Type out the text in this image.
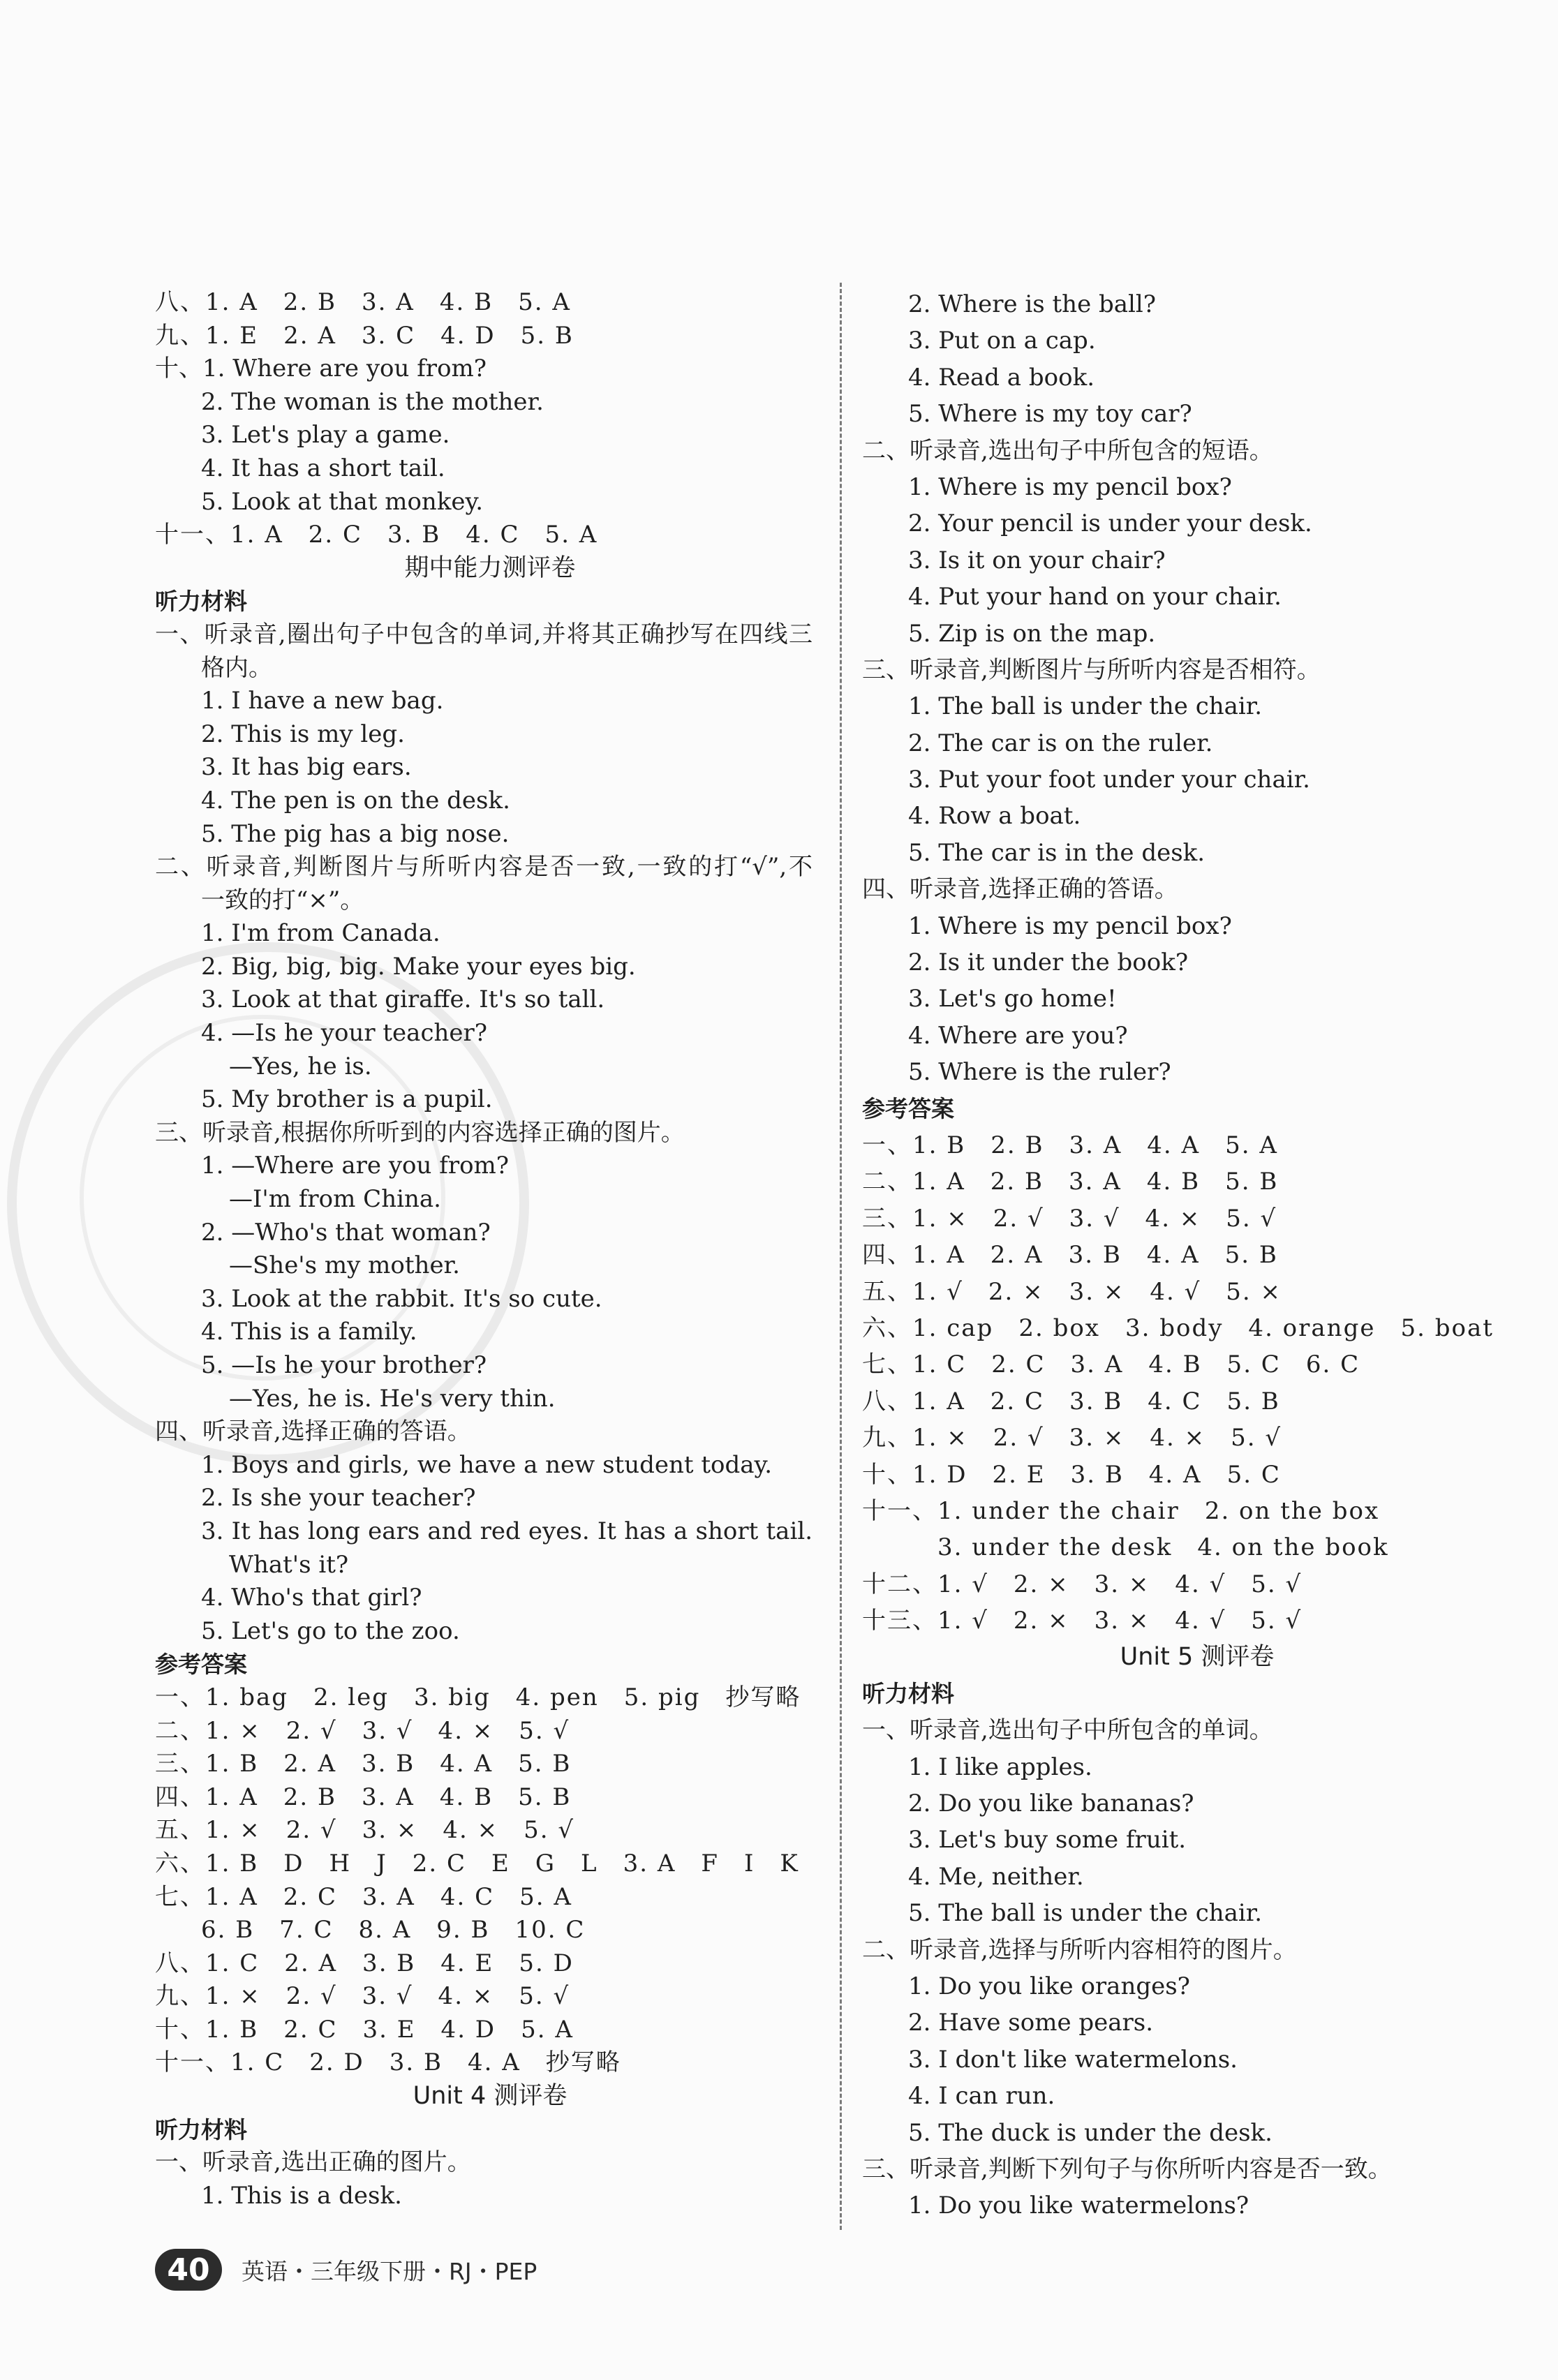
八、1. A　2. B　3. A　4. B　5. A
九、1. E　2. A　3. C　4. D　5. B
十、1. Where are you from?
2. The woman is the mother.
3. Let's play a game.
4. It has a short tail.
5. Look at that monkey.
十一、1. A　2. C　3. B　4. C　5. A
期中能力测评卷
听力材料
一、听录音,圈出句子中包含的单词,并将其正确抄写在四线三
格内。
1. I have a new bag.
2. This is my leg.
3. It has big ears.
4. The pen is on the desk.
5. The pig has a big nose.
二、听录音,判断图片与所听内容是否一致,一致的打“√”,不
一致的打“×”。
1. I'm from Canada.
2. Big, big, big. Make your eyes big.
3. Look at that giraffe. It's so tall.
4. —Is he your teacher?
　—Yes, he is.
5. My brother is a pupil.
三、听录音,根据你所听到的内容选择正确的图片。
1. —Where are you from?
　—I'm from China.
2. —Who's that woman?
　—She's my mother.
3. Look at the rabbit. It's so cute.
4. This is a family.
5. —Is he your brother?
　—Yes, he is. He's very thin.
四、听录音,选择正确的答语。
1. Boys and girls, we have a new student today.
2. Is she your teacher?
3. It has long ears and red eyes. It has a short tail.
　What's it?
4. Who's that girl?
5. Let's go to the zoo.
参考答案
一、1. bag　2. leg　3. big　4. pen　5. pig　抄写略
二、1. ×　2. √　3. √　4. ×　5. √
三、1. B　2. A　3. B　4. A　5. B
四、1. A　2. B　3. A　4. B　5. B
五、1. ×　2. √　3. ×　4. ×　5. √
六、1. B　D　H　J　2. C　E　G　L　3. A　F　I　K
七、1. A　2. C　3. A　4. C　5. A
6. B　7. C　8. A　9. B　10. C
八、1. C　2. A　3. B　4. E　5. D
九、1. ×　2. √　3. √　4. ×　5. √
十、1. B　2. C　3. E　4. D　5. A
十一、1. C　2. D　3. B　4. A　抄写略
Unit 4 测评卷
听力材料
一、听录音,选出正确的图片。
1. This is a desk.
2. Where is the ball?
3. Put on a cap.
4. Read a book.
5. Where is my toy car?
二、听录音,选出句子中所包含的短语。
1. Where is my pencil box?
2. Your pencil is under your desk.
3. Is it on your chair?
4. Put your hand on your chair.
5. Zip is on the map.
三、听录音,判断图片与所听内容是否相符。
1. The ball is under the chair.
2. The car is on the ruler.
3. Put your foot under your chair.
4. Row a boat.
5. The car is in the desk.
四、听录音,选择正确的答语。
1. Where is my pencil box?
2. Is it under the book?
3. Let's go home!
4. Where are you?
5. Where is the ruler?
参考答案
一、1. B　2. B　3. A　4. A　5. A
二、1. A　2. B　3. A　4. B　5. B
三、1. ×　2. √　3. √　4. ×　5. √
四、1. A　2. A　3. B　4. A　5. B
五、1. √　2. ×　3. ×　4. √　5. ×
六、1. cap　2. box　3. body　4. orange　5. boat
七、1. C　2. C　3. A　4. B　5. C　6. C
八、1. A　2. C　3. B　4. C　5. B
九、1. ×　2. √　3. ×　4. ×　5. √
十、1. D　2. E　3. B　4. A　5. C
十一、1. under the chair　2. on the box
　3. under the desk　4. on the book
十二、1. √　2. ×　3. ×　4. √　5. √
十三、1. √　2. ×　3. ×　4. √　5. √
Unit 5 测评卷
听力材料
一、听录音,选出句子中所包含的单词。
1. I like apples.
2. Do you like bananas?
3. Let's buy some fruit.
4. Me, neither.
5. The ball is under the chair.
二、听录音,选择与所听内容相符的图片。
1. Do you like oranges?
2. Have some pears.
3. I don't like watermelons.
4. I can run.
5. The duck is under the desk.
三、听录音,判断下列句子与你所听内容是否一致。
1. Do you like watermelons?
40	英语・三年级下册・RJ・PEP
